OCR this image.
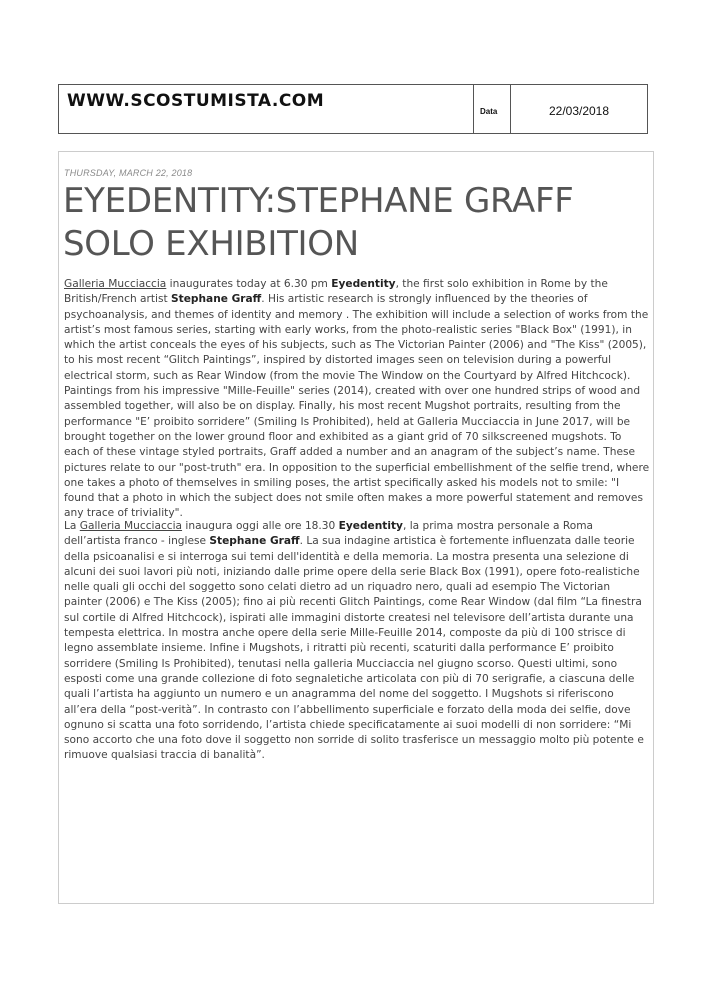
WWW.SCOSTUMISTA.COM
Data	22/03/2018
THURSDAY, MARCH 22, 2018
EYEDENTITY:STEPHANE GRAFF SOLO EXHIBITION

Galleria Mucciaccia inaugurates today at 6.30 pm Eyedentity, the first solo exhibition in Rome by the British/French artist Stephane Graff. His artistic research is strongly influenced by the theories of psychoanalysis, and themes of identity and memory . The exhibition will include a selection of works from the artist’s most famous series, starting with early works, from the photo-realistic series "Black Box" (1991), in which the artist conceals the eyes of his subjects, such as The Victorian Painter (2006) and "The Kiss" (2005), to his most recent “Glitch Paintings”, inspired by distorted images seen on television during a powerful electrical storm, such as Rear Window (from the movie The Window on the Courtyard by Alfred Hitchcock). Paintings from his impressive "Mille-Feuille" series (2014), created with over one hundred strips of wood and assembled together, will also be on display. Finally, his most recent Mugshot portraits, resulting from the performance "E’ proibito sorridere” (Smiling Is Prohibited), held at Galleria Mucciaccia in June 2017, will be brought together on the lower ground floor and exhibited as a giant grid of 70 silkscreened mugshots. To each of these vintage styled portraits, Graff added a number and an anagram of the subject’s name. These pictures relate to our "post-truth" era. In opposition to the superficial embellishment of the selfie trend, where one takes a photo of themselves in smiling poses, the artist specifically asked his models not to smile: "I found that a photo in which the subject does not smile often makes a more powerful statement and removes any trace of triviality".

La Galleria Mucciaccia inaugura oggi alle ore 18.30 Eyedentity, la prima mostra personale a Roma dell’artista franco - inglese Stephane Graff. La sua indagine artistica è fortemente influenzata dalle teorie della psicoanalisi e si interroga sui temi dell'identità e della memoria. La mostra presenta una selezione di alcuni dei suoi lavori più noti, iniziando dalle prime opere della serie Black Box (1991), opere foto-realistiche nelle quali gli occhi del soggetto sono celati dietro ad un riquadro nero, quali ad esempio The Victorian painter (2006) e The Kiss (2005); fino ai più recenti Glitch Paintings, come Rear Window (dal film “La finestra sul cortile di Alfred Hitchcock), ispirati alle immagini distorte createsi nel televisore dell’artista durante una tempesta elettrica. In mostra anche opere della serie Mille-Feuille 2014, composte da più di 100 strisce di legno assemblate insieme. Infine i Mugshots, i ritratti più recenti, scaturiti dalla performance E’ proibito sorridere (Smiling Is Prohibited), tenutasi nella galleria Mucciaccia nel giugno scorso. Questi ultimi, sono esposti come una grande collezione di foto segnaletiche articolata con più di 70 serigrafie, a ciascuna delle quali l’artista ha aggiunto un numero e un anagramma del nome del soggetto. I Mugshots si riferiscono all’era della “post-verità”. In contrasto con l’abbellimento superficiale e forzato della moda dei selfie, dove ognuno si scatta una foto sorridendo, l’artista chiede specificatamente ai suoi modelli di non sorridere: “Mi sono accorto che una foto dove il soggetto non sorride di solito trasferisce un messaggio molto più potente e rimuove qualsiasi traccia di banalità”.
